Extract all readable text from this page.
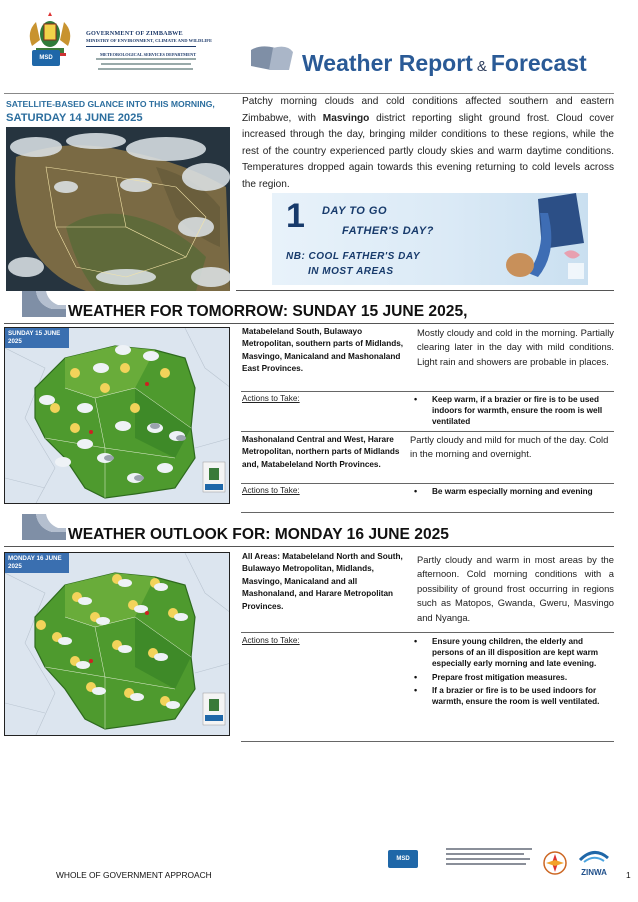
GOVERNMENT OF ZIMBABWE
MINISTRY OF ENVIRONMENT, CLIMATE AND WILDLIFE
METEOROLOGICAL SERVICES DEPARTMENT
MSD	Weather Report & Forecast
SATELLITE-BASED GLANCE INTO THIS MORNING,
SATURDAY 14 JUNE 2025
Patchy morning clouds and cold conditions affected southern and eastern Zimbabwe, with Masvingo district reporting slight ground frost. Cloud cover increased through the day, bringing milder conditions to these regions, while the rest of the country experienced partly cloudy skies and warm daytime conditions. Temperatures dropped again towards this evening returning to cold levels across the region.
1 DAY TO GO
FATHER'S DAY?
NB: COOL FATHER'S DAY
IN MOST AREAS
WEATHER FOR TOMORROW: SUNDAY 15 JUNE 2025,
SUNDAY 15 JUNE 2025
Matabeleland South, Bulawayo Metropolitan, southern parts of Midlands, Masvingo, Manicaland and Mashonaland East Provinces.
Mostly cloudy and cold in the morning. Partially clearing later in the day with mild conditions. Light rain and showers are probable in places.
Actions to Take:	• Keep warm, if a brazier or fire is to be used indoors for warmth, ensure the room is well ventilated
Mashonaland Central and West, Harare Metropolitan, northern parts of Midlands and, Matabeleland North Provinces.
Partly cloudy and mild for much of the day. Cold in the morning and overnight.
Actions to Take:	• Be warm especially morning and evening
WEATHER OUTLOOK FOR: MONDAY 16 JUNE 2025
MONDAY 16 JUNE 2025
All Areas: Matabeleland North and South, Bulawayo Metropolitan, Midlands, Masvingo, Manicaland and all Mashonaland, and Harare Metropolitan Provinces.
Partly cloudy and warm in most areas by the afternoon. Cold morning conditions with a possibility of ground frost occurring in regions such as Matopos, Gwanda, Gweru, Masvingo and Nyanga.
Actions to Take:	• Ensure young children, the elderly and persons of an ill disposition are kept warm especially early morning and late evening.
• Prepare frost mitigation measures.
• If a brazier or fire is to be used indoors for warmth, ensure the room is well ventilated.
MSD
ZINWA
WHOLE OF GOVERNMENT APPROACH	1
